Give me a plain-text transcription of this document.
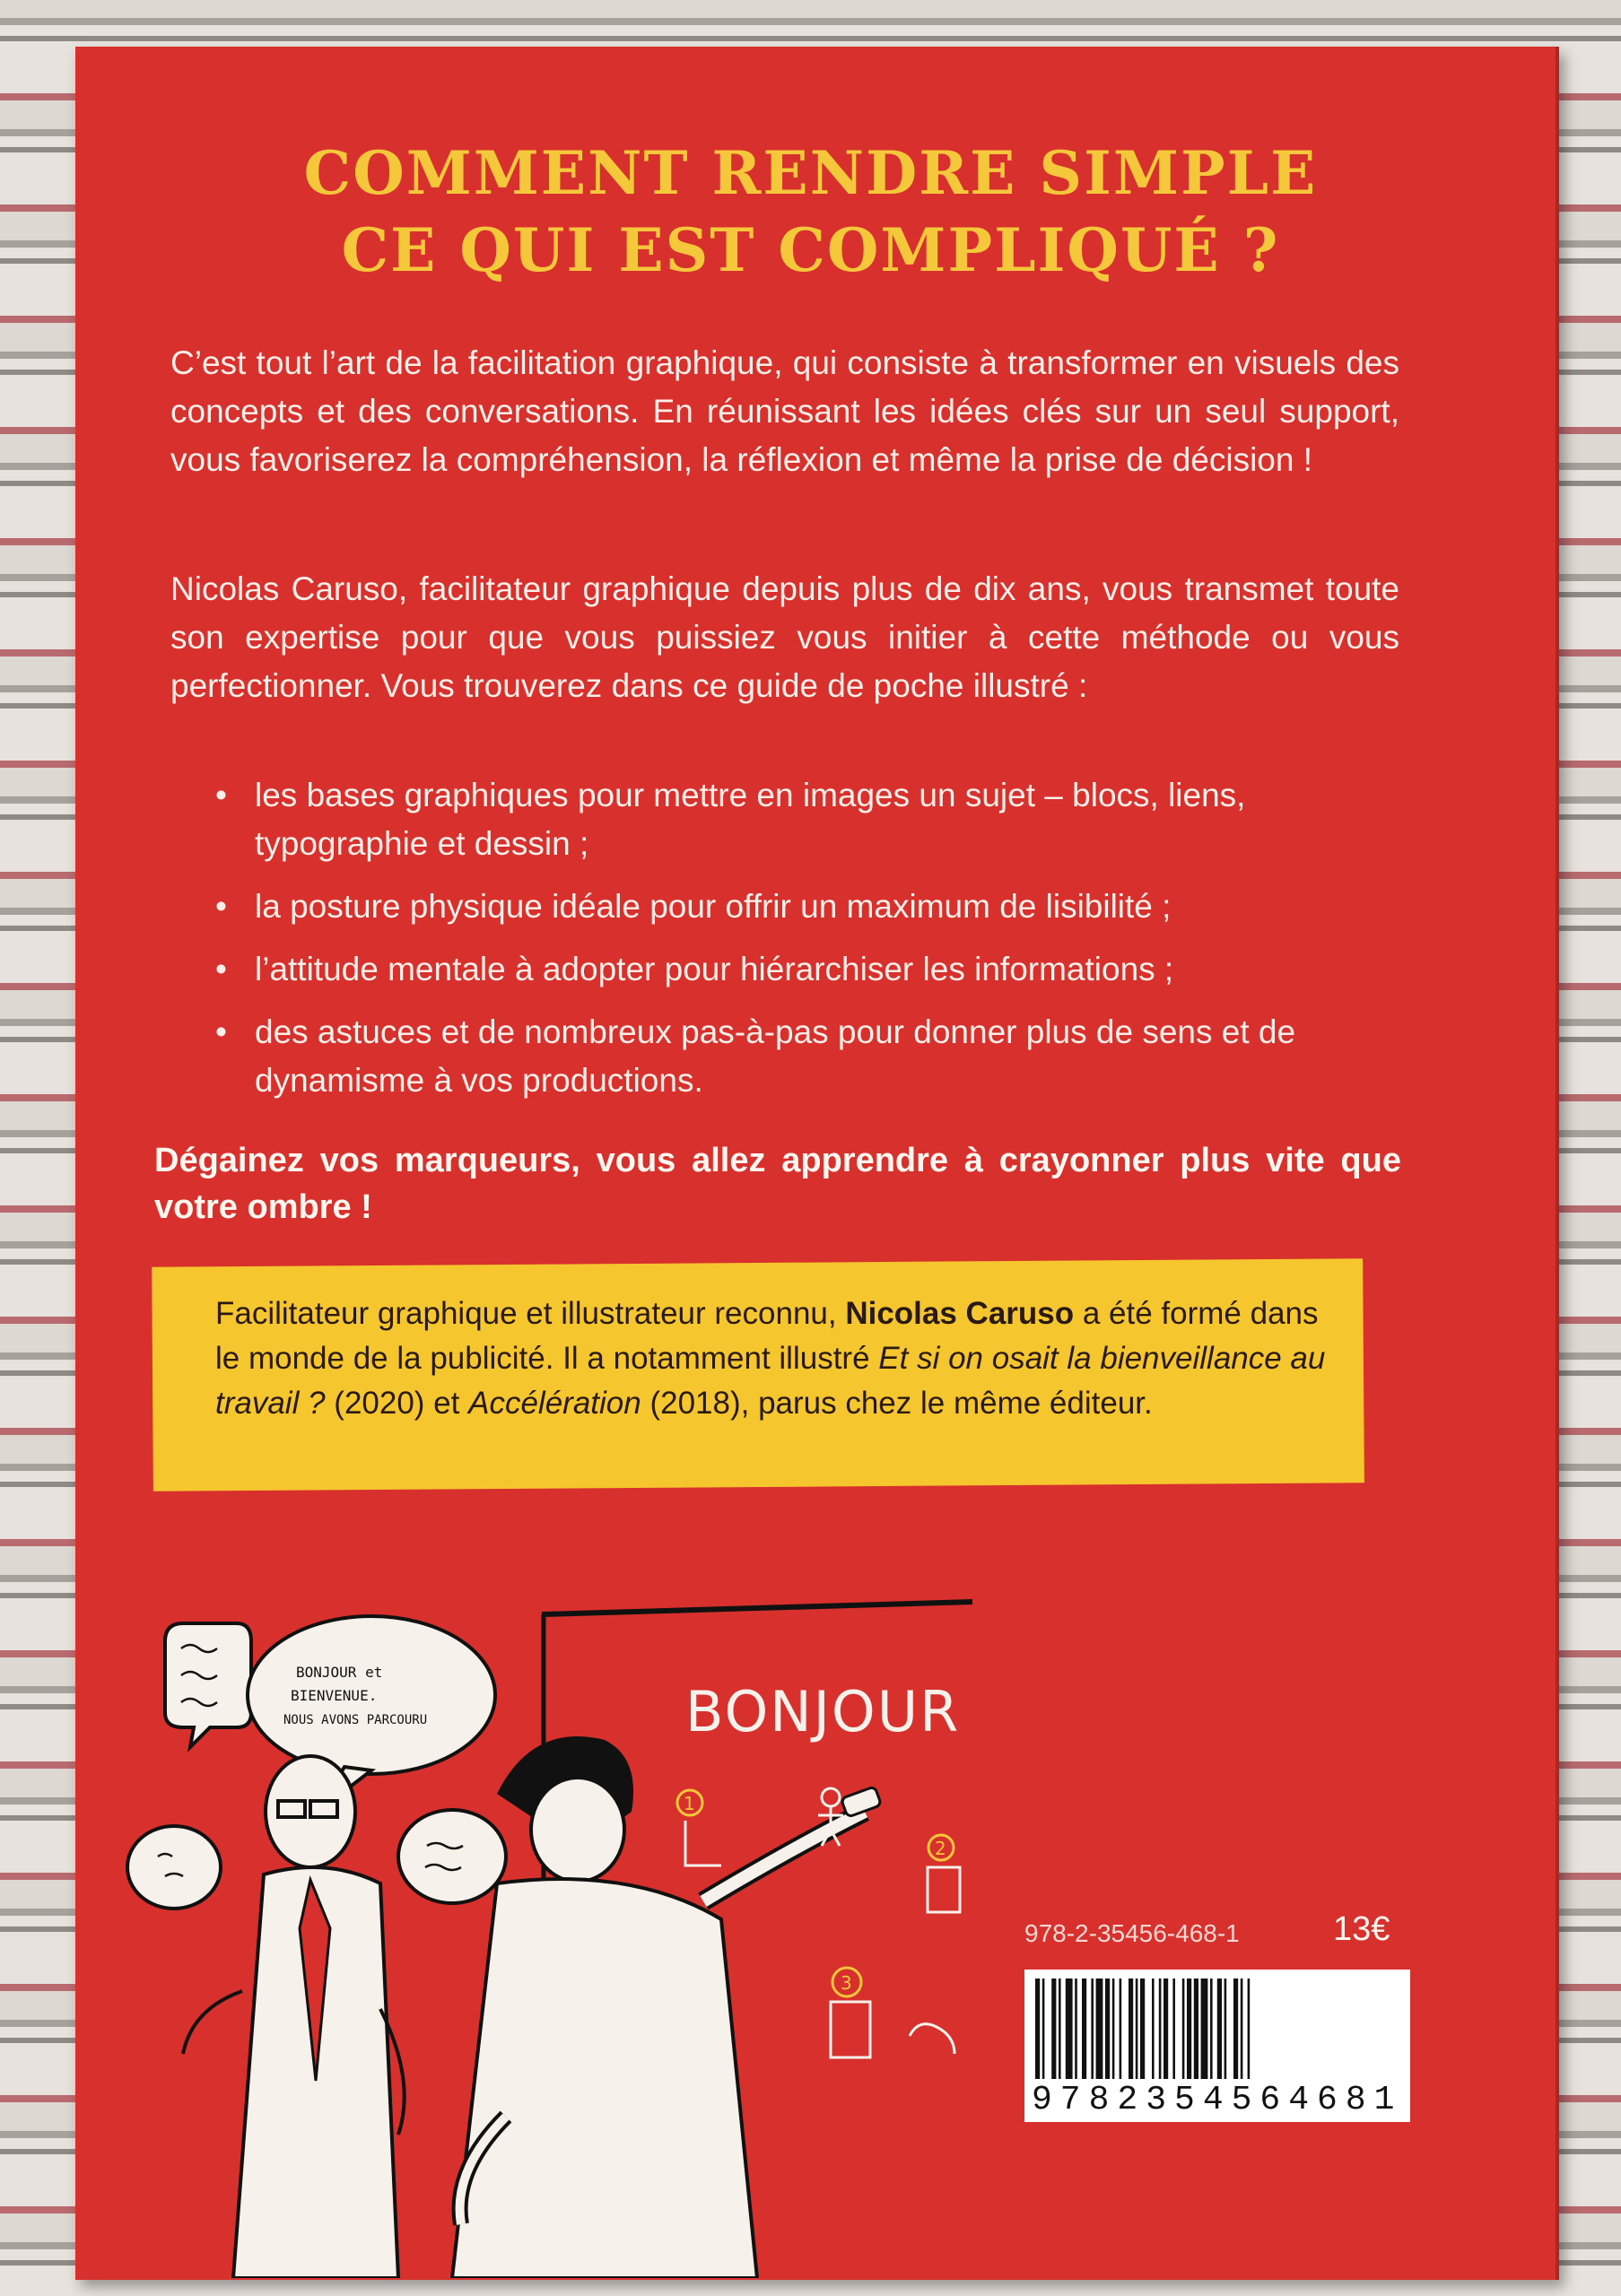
COMMENT RENDRE SIMPLE
CE QUI EST COMPLIQUÉ ?
C’est tout l’art de la facilitation graphique, qui consiste à transformer en visuels des concepts et des conversations. En réunissant les idées clés sur un seul support, vous favoriserez la compréhension, la réflexion et même la prise de décision !
Nicolas Caruso, facilitateur graphique depuis plus de dix ans, vous transmet toute son expertise pour que vous puissiez vous initier à cette méthode ou vous perfectionner. Vous trouverez dans ce guide de poche illustré :
• les bases graphiques pour mettre en images un sujet – blocs, liens, typographie et dessin ;
• la posture physique idéale pour offrir un maximum de lisibilité ;
• l’attitude mentale à adopter pour hiérarchiser les informations ;
• des astuces et de nombreux pas-à-pas pour donner plus de sens et de dynamisme à vos productions.
Dégainez vos marqueurs, vous allez apprendre à crayonner plus vite que votre ombre !
Facilitateur graphique et illustrateur reconnu, Nicolas Caruso a été formé dans le monde de la publicité. Il a notamment illustré Et si on osait la bienveillance au travail ? (2020) et Accélération (2018), parus chez le même éditeur.
BONJOUR et
BIENVENUE.
NOUS AVONS PARCOURU	BONJOUR
1
2
3
978-2-35456-468-1	13€
9782354564681
